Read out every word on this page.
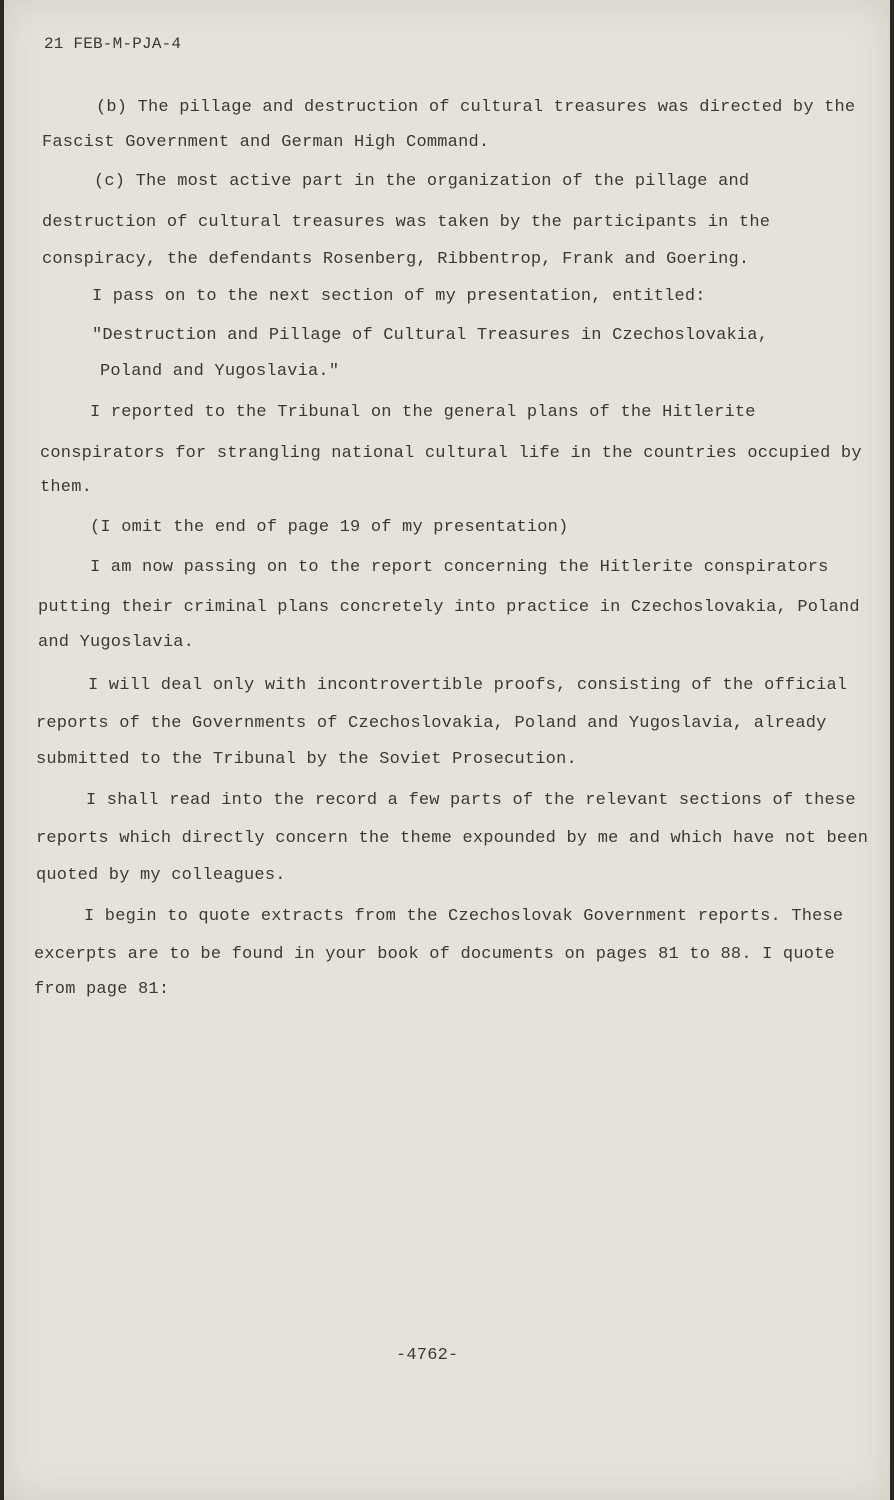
21 FEB-M-PJA-4
(b) The pillage and destruction of cultural treasures was directed by the
Fascist Government and German High Command.
(c) The most active part in the organization of the pillage and
destruction of cultural treasures was taken by the participants in the
conspiracy, the defendants Rosenberg, Ribbentrop, Frank and Goering.
I pass on to the next section of my presentation, entitled:
"Destruction and Pillage of Cultural Treasures in Czechoslovakia,
Poland and Yugoslavia."
I reported to the Tribunal on the general plans of the Hitlerite
conspirators for strangling national cultural life in the countries occupied by
them.
(I omit the end of page 19 of my presentation)
I am now passing on to the report concerning the Hitlerite conspirators
putting their criminal plans concretely into practice in Czechoslovakia, Poland
and Yugoslavia.
I will deal only with incontrovertible proofs, consisting of the official
reports of the Governments of Czechoslovakia, Poland and Yugoslavia, already
submitted to the Tribunal by the Soviet Prosecution.
I shall read into the record a few parts of the relevant sections of these
reports which directly concern the theme expounded by me and which have not been
quoted by my colleagues.
I begin to quote extracts from the Czechoslovak Government reports. These
excerpts are to be found in your book of documents on pages 81 to 88. I quote
from page 81:
-4762-
